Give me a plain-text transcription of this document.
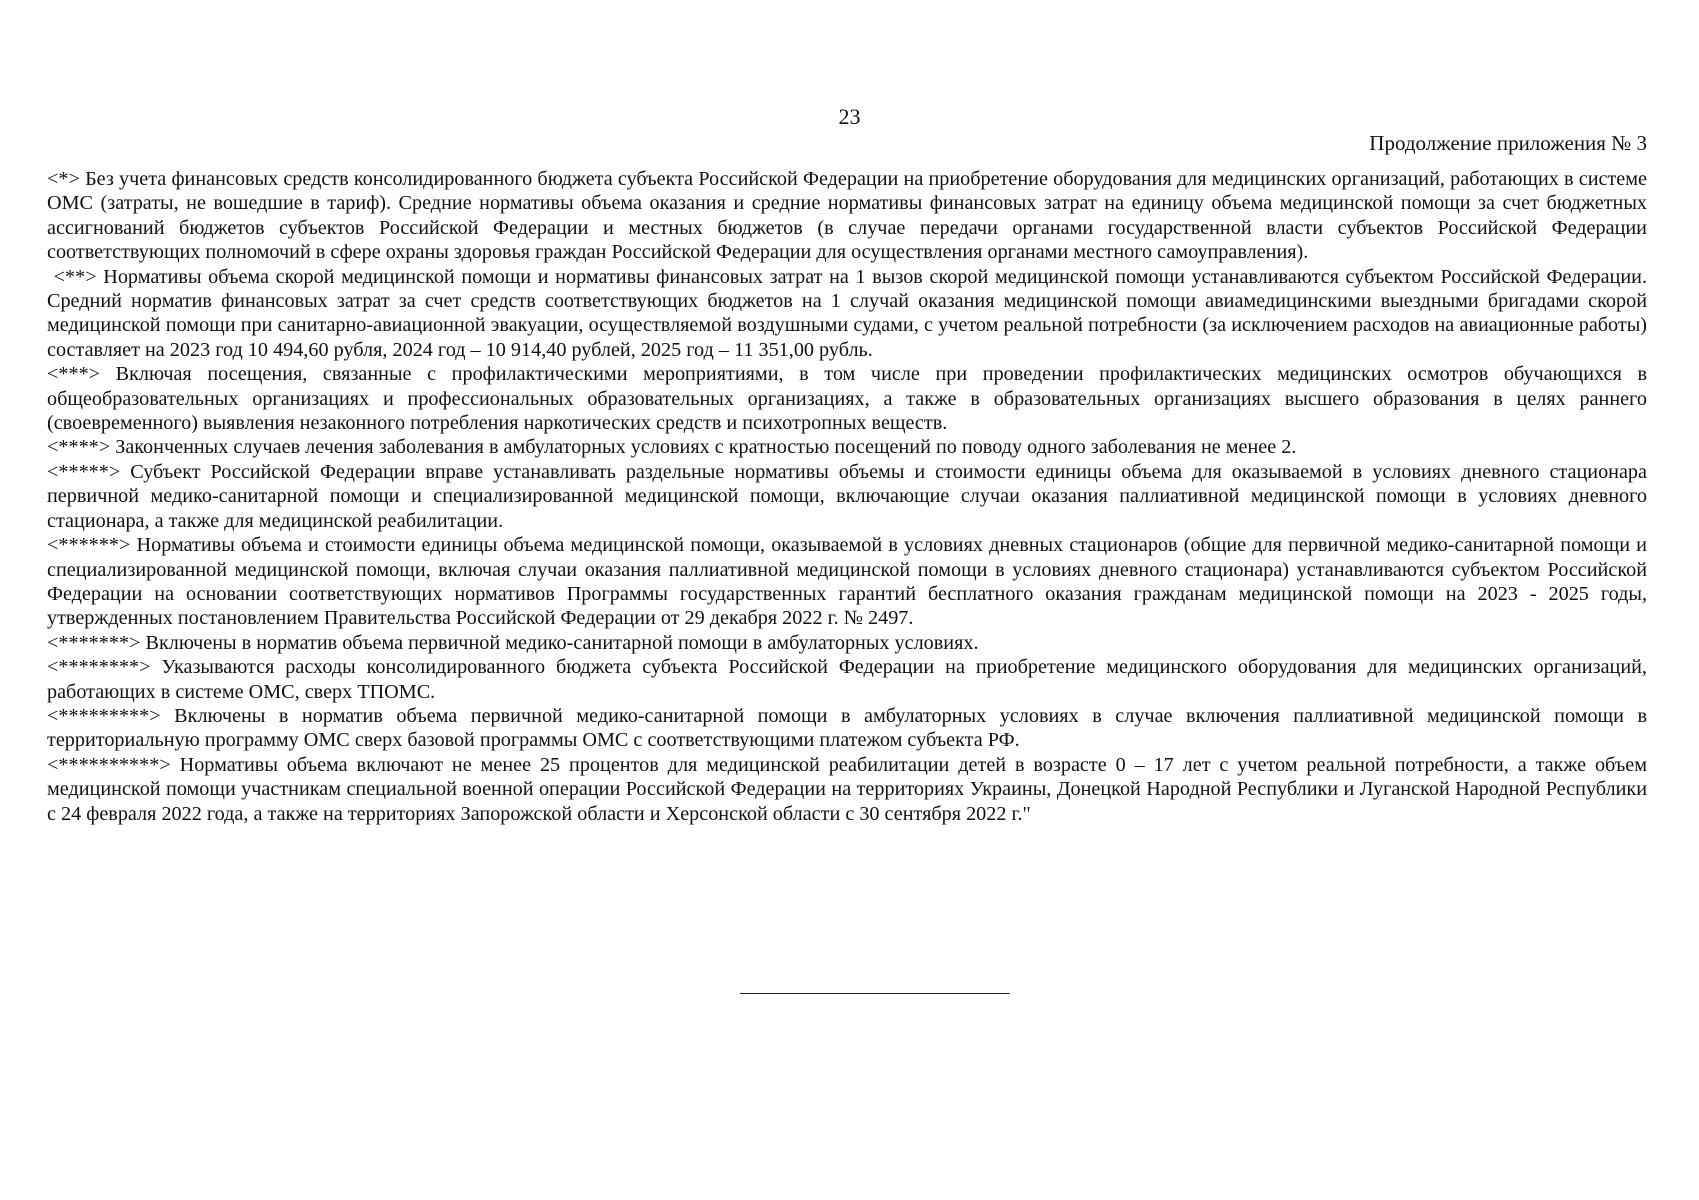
23
Продолжение приложения № 3

<*> Без учета финансовых средств консолидированного бюджета субъекта Российской Федерации на приобретение оборудования для медицинских организаций, работающих в системе ОМС (затраты, не вошедшие в тариф). Средние нормативы объема оказания и средние нормативы финансовых затрат на единицу объема медицинской помощи за счет бюджетных ассигнований бюджетов субъектов Российской Федерации и местных бюджетов (в случае передачи органами государственной власти субъектов Российской Федерации соответствующих полномочий в сфере охраны здоровья граждан Российской Федерации для осуществления органами местного самоуправления).

<**> Нормативы объема скорой медицинской помощи и нормативы финансовых затрат на 1 вызов скорой медицинской помощи устанавливаются субъектом Российской Федерации. Средний норматив финансовых затрат за счет средств соответствующих бюджетов на 1 случай оказания медицинской помощи авиамедицинскими выездными бригадами скорой медицинской помощи при санитарно-авиационной эвакуации, осуществляемой воздушными судами, с учетом реальной потребности (за исключением расходов на авиационные работы) составляет на 2023 год 10 494,60 рубля, 2024 год – 10 914,40 рублей, 2025 год – 11 351,00 рубль.

<***> Включая посещения, связанные с профилактическими мероприятиями, в том числе при проведении профилактических медицинских осмотров обучающихся в общеобразовательных организациях и профессиональных образовательных организациях, а также в образовательных организациях высшего образования в целях раннего (своевременного) выявления незаконного потребления наркотических средств и психотропных веществ.

<****> Законченных случаев лечения заболевания в амбулаторных условиях с кратностью посещений по поводу одного заболевания не менее 2.

<*****> Субъект Российской Федерации вправе устанавливать раздельные нормативы объемы и стоимости единицы объема для оказываемой в условиях дневного стационара первичной медико-санитарной помощи и специализированной медицинской помощи, включающие случаи оказания паллиативной медицинской помощи в условиях дневного стационара, а также для медицинской реабилитации.

<******> Нормативы объема и стоимости единицы объема медицинской помощи, оказываемой в условиях дневных стационаров (общие для первичной медико-санитарной помощи и специализированной медицинской помощи, включая случаи оказания паллиативной медицинской помощи в условиях дневного стационара) устанавливаются субъектом Российской Федерации на основании соответствующих нормативов Программы государственных гарантий бесплатного оказания гражданам медицинской помощи на 2023 - 2025 годы, утвержденных постановлением Правительства Российской Федерации от 29 декабря 2022 г. № 2497.

<*******> Включены в норматив объема первичной медико-санитарной помощи в амбулаторных условиях.

<********> Указываются расходы консолидированного бюджета субъекта Российской Федерации на приобретение медицинского оборудования для медицинских организаций, работающих в системе ОМС, сверх ТПОМС.

<*********> Включены в норматив объема первичной медико-санитарной помощи в амбулаторных условиях в случае включения паллиативной медицинской помощи в территориальную программу ОМС сверх базовой программы ОМС с соответствующими платежом субъекта РФ.

<**********> Нормативы объема включают не менее 25 процентов для медицинской реабилитации детей в возрасте 0 – 17 лет с учетом реальной потребности, а также объем медицинской помощи участникам специальной военной операции Российской Федерации на территориях Украины, Донецкой Народной Республики и Луганской Народной Республики с 24 февраля 2022 года, а также на территориях Запорожской области и Херсонской области с 30 сентября 2022 г."
